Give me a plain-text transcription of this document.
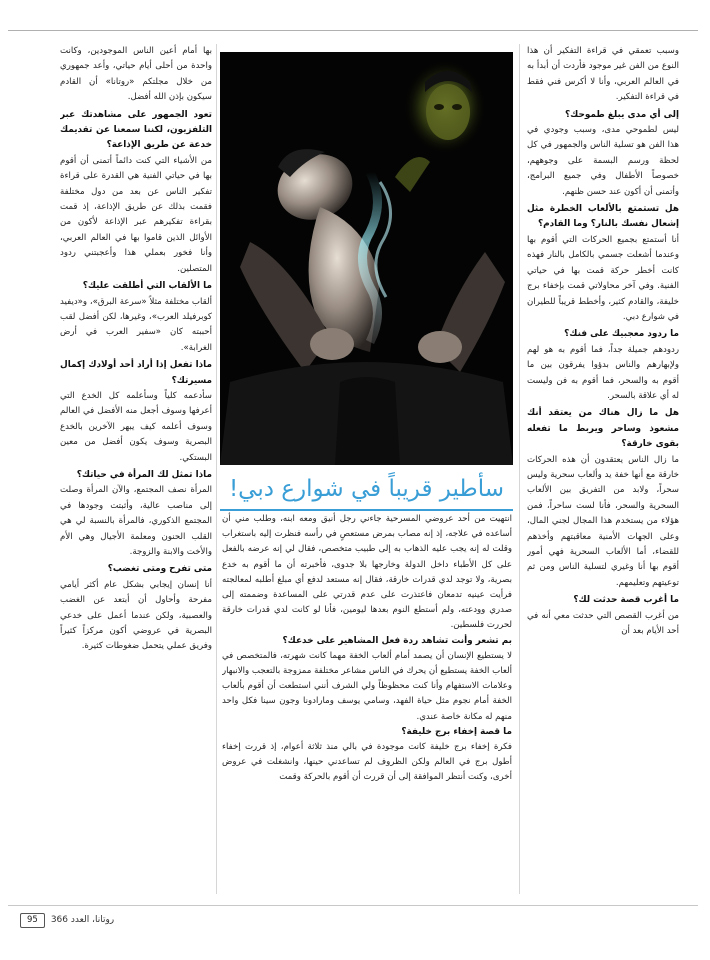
وسبب تعمقي في قراءة التفكير أن هذا النوع من الفن غير موجود فأردت أن أبدأ به في العالم العربي، وأنا لا أكرس فني فقط في قراءة التفكير.

إلى أي مدى يبلغ طموحك؟

ليس لطموحي مدى، وسبب وجودي في هذا الفن هو تسلية الناس والجمهور في كل لحظة ورسم البسمة على وجوههم، خصوصاً الأطفال وفي جميع البرامج، وأتمنى أن أكون عند حسن ظنهم.

هل تستمتع بالألعاب الخطرة مثل إشعال نفسك بالنار؟ وما القادم؟

أنا أستمتع بجميع الحركات التي أقوم بها وعندما أشعلت جسمي بالكامل بالنار فهذه كانت أخطر حركة قمت بها في حياتي الفنية. وفي آخر محاولاتي قمت بإخفاء برج خليفة، والقادم كثير، وأخطط قريباً للطيران في شوارع دبي.

ما ردود معجبيك على فنك؟

ردودهم جميلة جداً، فما أقوم به هو لهم ولإبهارهم والناس بدؤوا يفرقون بين ما أقوم به والسحر، فما أقوم به فن وليست له أي علاقة بالسحر.

هل ما زال هناك من يعتقد أنك مشعوذ وساحر ويربط ما تفعله بقوى خارقة؟

ما زال الناس يعتقدون أن هذه الحركات خارقة مع أنها خفة يد وألعاب سحرية وليس سحراً، ولابد من التفريق بين الألعاب السحرية والسحر، فأنا لست ساحراً، فمن هؤلاء من يستخدم هذا المجال لجني المال، وعلى الجهات الأمنية معاقبتهم وأخذهم للقضاء، أما الألعاب السحرية فهي أمور أقوم بها أنا وغيري لتسلية الناس ومن ثم توعيتهم وتعليمهم.

ما أغرب قصة حدثت لك؟

من أغرب القصص التي حدثت معي أنه في أحد الأيام بعد أن

سأطير قريباً في شوارع دبي!

انتهيت من أحد عروضي المسرحية جاءني رجل أنيق ومعه ابنه، وطلب مني أن أساعده في علاجه، إذ إنه مصاب بمرض مستعصٍ في رأسه فنظرت إليه باستغراب وقلت له إنه يجب عليه الذهاب به إلى طبيب متخصص، فقال لي إنه عرضه بالفعل على كل الأطباء داخل الدولة وخارجها بلا جدوى، فأخبرته أن ما أقوم به خدع بصرية، ولا توجد لدي قدرات خارقة، فقال إنه مستعد لدفع أي مبلغ أطلبه لمعالجته فرأيت عينيه تدمعان فاعتذرت على عدم قدرتي على المساعدة وضممته إلى صدري وودعته، ولم أستطع النوم بعدها ليومين، فأنا لو كانت لدي قدرات خارقة لحررت فلسطين.

بم تشعر وأنت تشاهد ردة فعل المشاهير على خدعك؟

لا يستطيع الإنسان أن يصمد أمام ألعاب الخفة مهما كانت شهرته، فالمتخصص في ألعاب الخفة يستطيع أن يحرك في الناس مشاعر مختلفة ممزوجة بالتعجب والانبهار وعلامات الاستفهام وأنا كنت محظوظاً ولي الشرف أنني استطعت أن أقوم بألعاب الخفة أمام نجوم مثل حياة الفهد، وسامي يوسف ومارادونا وجون سينا فكل واحد منهم له مكانة خاصة عندي.

ما قصة إخفاء برج خليفة؟

فكرة إخفاء برج خليفة كانت موجودة في بالي منذ ثلاثة أعوام، إذ قررت إخفاء أطول برج في العالم ولكن الظروف لم تساعدني حينها، وانشغلت في عروض أخرى، وكنت أنتظر الموافقة إلى أن قررت أن أقوم بالحركة وقمت

بها أمام أعين الناس الموجودين، وكانت واحدة من أحلى أيام حياتي، وأعد جمهوري من خلال مجلتكم «روتانا» أن القادم سيكون بإذن الله أفضل.

تعود الجمهور على مشاهدتك عبر التلفزيون، لكننا سمعنا عن تقديمك خدعة عن طريق الإذاعة؟

من الأشياء التي كنت دائماً أتمنى أن أقوم بها في حياتي الفنية هي القدرة على قراءة تفكير الناس عن بعد من دول مختلفة فقمت بذلك عن طريق الإذاعة، إذ قمت بقراءة تفكيرهم عبر الإذاعة لأكون من الأوائل الذين قاموا بها في العالم العربي، وأنا فخور بعملي هذا وأعجبتني ردود المتصلين.

ما الألقاب التي أطلقت عليك؟

ألقاب مختلفة مثلاً «سرعة البرق»، و«ديفيد كوبرفيلد العرب»، وغيرها، لكن أفضل لقب أحببته كان «سفير العرب في أرض الغرابة».

ماذا تفعل إذا أراد أحد أولادك إكمال مسيرتك؟

سأدعمه كلياً وسأعلمه كل الخدع التي أعرفها وسوف أجعل منه الأفضل في العالم وسوف أعلمه كيف يبهر الآخرين بالخدع البصرية وسوف يكون أفضل من معين البستكي.

ماذا تمثل لك المرأة في حياتك؟

المرأة نصف المجتمع، والآن المرأة وصلت إلى مناصب عالية، وأثبتت وجودها في المجتمع الذكوري، فالمرأة بالنسبة لي هي القلب الحنون ومعلمة الأجيال وهي الأم والأخت والابنة والزوجة.

متى تفرح ومتى تغضب؟

أنا إنسان إيجابي بشكل عام أكثر أيامي مفرحة وأحاول أن أبتعد عن الغضب والعصبية، ولكن عندما أعمل على خدعي البصرية في عروضي أكون مركزاً كثيراً وفريق عملي يتحمل ضغوطات كثيرة.

95	روتانا، العدد 366
